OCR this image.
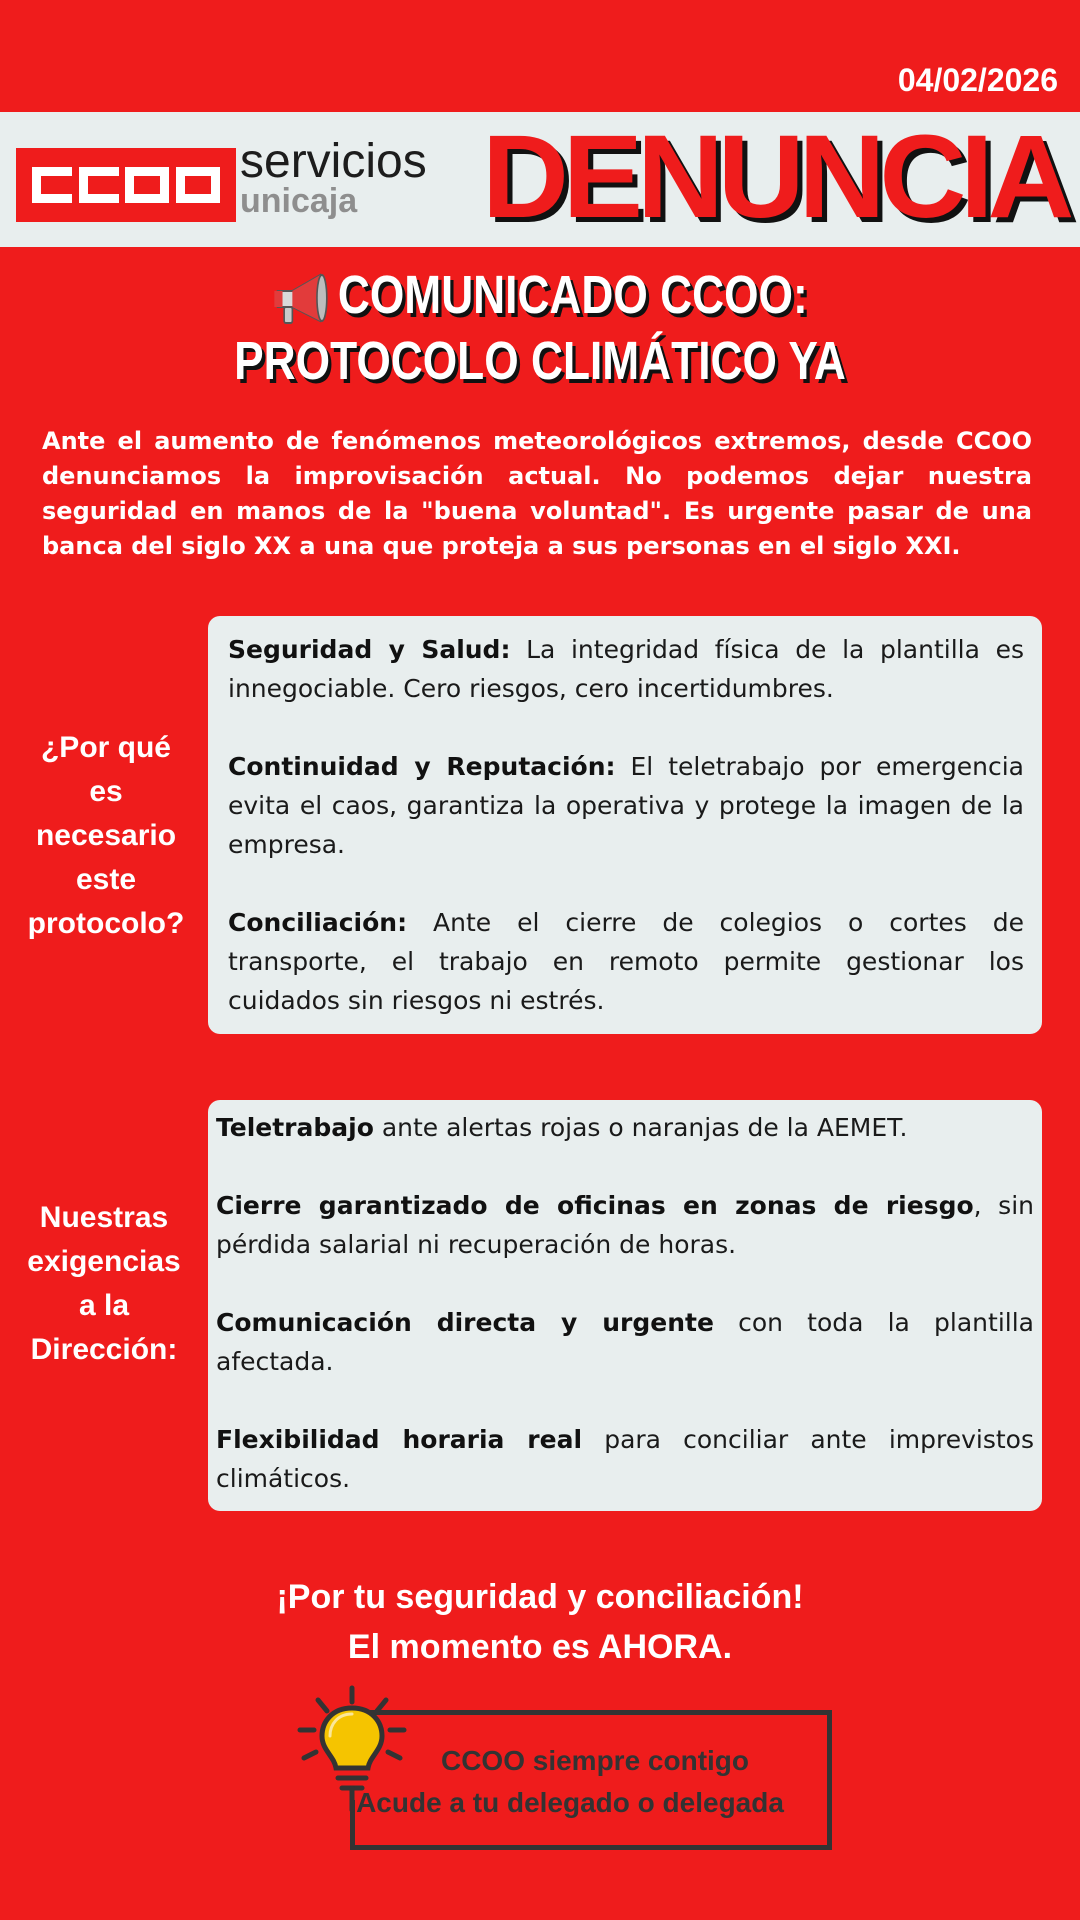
04/02/2026
servicios
unicaja DENUNCIA
COMUNICADO CCOO:
PROTOCOLO CLIMÁTICO YA

Ante el aumento de fenómenos meteorológicos extremos, desde CCOO denunciamos la improvisación actual. No podemos dejar nuestra seguridad en manos de la "buena voluntad". Es urgente pasar de una banca del siglo XX a una que proteja a sus personas en el siglo XXI.

¿Por qué
es
necesario
este
protocolo?

Seguridad y Salud: La integridad física de la plantilla es innegociable. Cero riesgos, cero incertidumbres.

Continuidad y Reputación: El teletrabajo por emergencia evita el caos, garantiza la operativa y protege la imagen de la empresa.

Conciliación: Ante el cierre de colegios o cortes de transporte, el trabajo en remoto permite gestionar los cuidados sin riesgos ni estrés.

Nuestras
exigencias
a la
Dirección:

Teletrabajo ante alertas rojas o naranjas de la AEMET.

Cierre garantizado de oficinas en zonas de riesgo, sin pérdida salarial ni recuperación de horas.

Comunicación directa y urgente con toda la plantilla afectada.

Flexibilidad horaria real para conciliar ante imprevistos climáticos.

¡Por tu seguridad y conciliación!
El momento es AHORA.
CCOO siempre contigo

Acude a tu delegado o delegada
